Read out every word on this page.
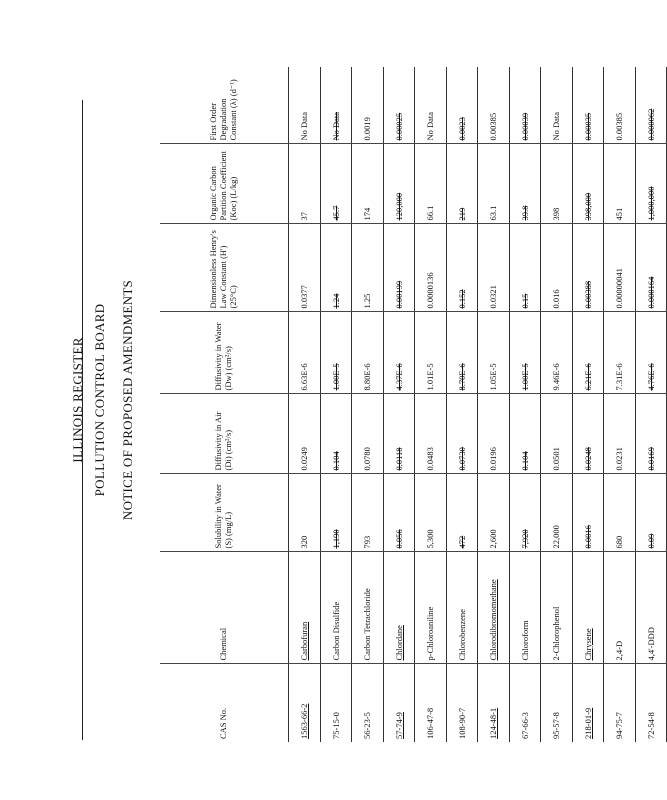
ILLINOIS REGISTER POLLUTION CONTROL BOARD NOTICE OF PROPOSED AMENDMENTS
CAS No.	Chemical	Solubility in Water (S) (mg/L)	Diffusivity in Air (Di) (cm²/s)	Diffusivity in Water (Dw) (cm²/s)	Dimensionless Henry's Law Constant (H') (25°C)	Organic Carbon Partition Coefficient (Koc) (L/kg)	First Order Degradation Constant (λ) (d⁻¹)
1563-66-2	Carbofuran	320	0.0249	6.63E-6	0.0377	37	No Data
75-15-0	Carbon Disulfide	1,190	0.104	1.00E-5	1.24	45.7	No Data
56-23-5	Carbon Tetrachloride	793	0.0780	8.80E-6	1.25	174	0.0019
57-74-9	Chlordane	0.056	0.0118	4.37E-6	0.00199	120,000	0.00025
106-47-8	p-Chloroaniline	5,300	0.0483	1.01E-5	0.0000136	66.1	No Data
108-90-7	Chlorobenzene	472	0.0730	8.70E-6	0.152	219	0.0023
124-48-1	Chlorodibromomethane	2,600	0.0196	1.05E-5	0.0321	63.1	0.00385
67-66-3	Chloroform	7,920	0.104	1.00E-5	0.15	39.8	0.00039
95-57-8	2-Chlorophenol	22,000	0.0501	9.46E-6	0.016	398	No Data
218-01-9	Chrysene	0.0016	0.0248	6.21E-6	0.00388	398,000	0.00035
94-75-7	2,4-D	680	0.0231	7.31E-6	0.00000041	451	0.00385
72-54-8	4,4'-DDD	0.09	0.0169	4.76E-6	0.000164	1,000,000	0.000062
